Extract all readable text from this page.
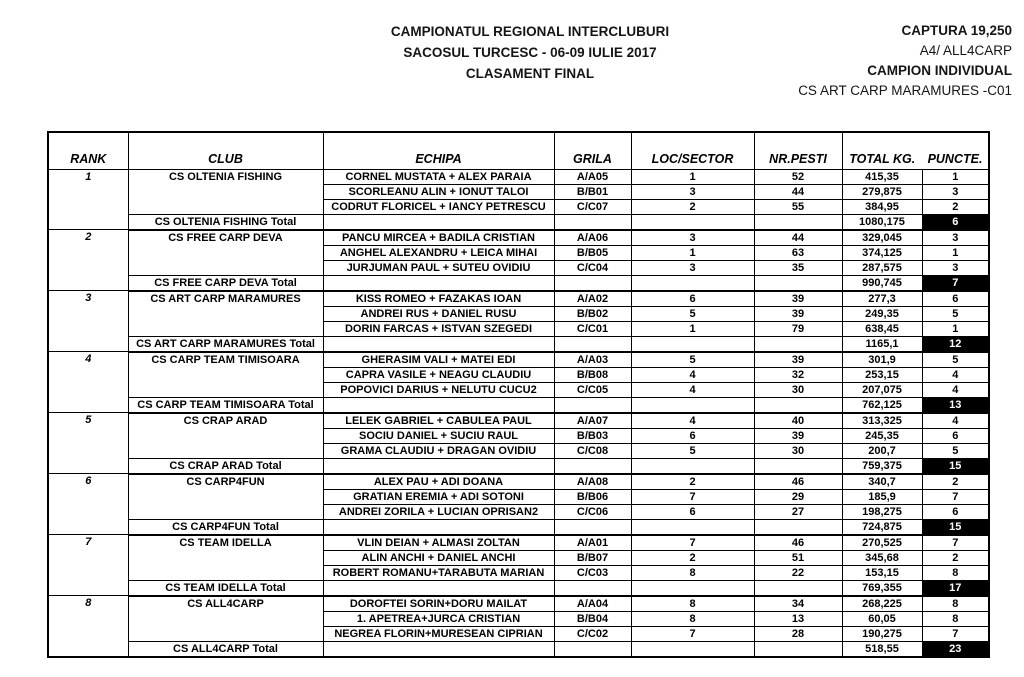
CAMPIONATUL REGIONAL INTERCLUBURI
SACOSUL TURCESC - 06-09 IULIE 2017
CLASAMENT FINAL
CAPTURA 19,250
A4/ ALL4CARP
CAMPION INDIVIDUAL
CS ART CARP MARAMURES -C01
RANK	CLUB	ECHIPA	GRILA	LOC/SECTOR	NR.PESTI	TOTAL KG.	PUNCTE.
1	CS OLTENIA FISHING	CORNEL MUSTATA + ALEX PARAIA	A/A05	1	52	415,35	1
		SCORLEANU ALIN + IONUT TALOI	B/B01	3	44	279,875	3
		CODRUT FLORICEL + IANCY PETRESCU	C/C07	2	55	384,95	2
	CS OLTENIA FISHING Total					1080,175	6
2	CS FREE CARP DEVA	PANCU MIRCEA + BADILA CRISTIAN	A/A06	3	44	329,045	3
		ANGHEL ALEXANDRU + LEICA MIHAI	B/B05	1	63	374,125	1
		JURJUMAN PAUL + SUTEU OVIDIU	C/C04	3	35	287,575	3
	CS FREE CARP DEVA Total					990,745	7
3	CS ART CARP MARAMURES	KISS ROMEO + FAZAKAS IOAN	A/A02	6	39	277,3	6
		ANDREI RUS + DANIEL RUSU	B/B02	5	39	249,35	5
		DORIN FARCAS + ISTVAN SZEGEDI	C/C01	1	79	638,45	1
	CS ART CARP MARAMURES Total					1165,1	12
4	CS CARP TEAM TIMISOARA	GHERASIM VALI + MATEI EDI	A/A03	5	39	301,9	5
		CAPRA VASILE + NEAGU CLAUDIU	B/B08	4	32	253,15	4
		POPOVICI DARIUS + NELUTU CUCU2	C/C05	4	30	207,075	4
	CS CARP TEAM TIMISOARA Total					762,125	13
5	CS CRAP ARAD	LELEK GABRIEL + CABULEA PAUL	A/A07	4	40	313,325	4
		SOCIU DANIEL + SUCIU RAUL	B/B03	6	39	245,35	6
		GRAMA CLAUDIU + DRAGAN OVIDIU	C/C08	5	30	200,7	5
	CS CRAP ARAD Total					759,375	15
6	CS CARP4FUN	ALEX PAU + ADI DOANA	A/A08	2	46	340,7	2
		GRATIAN EREMIA + ADI SOTONI	B/B06	7	29	185,9	7
		ANDREI ZORILA + LUCIAN OPRISAN2	C/C06	6	27	198,275	6
	CS CARP4FUN Total					724,875	15
7	CS TEAM IDELLA	VLIN DEIAN + ALMASI ZOLTAN	A/A01	7	46	270,525	7
		ALIN ANCHI + DANIEL ANCHI	B/B07	2	51	345,68	2
		ROBERT ROMANU+TARABUTA MARIAN	C/C03	8	22	153,15	8
	CS TEAM IDELLA Total					769,355	17
8	CS ALL4CARP	DOROFTEI SORIN+DORU MAILAT	A/A04	8	34	268,225	8
		1. APETREA+JURCA CRISTIAN	B/B04	8	13	60,05	8
		NEGREA FLORIN+MURESEAN CIPRIAN	C/C02	7	28	190,275	7
	CS ALL4CARP Total					518,55	23
